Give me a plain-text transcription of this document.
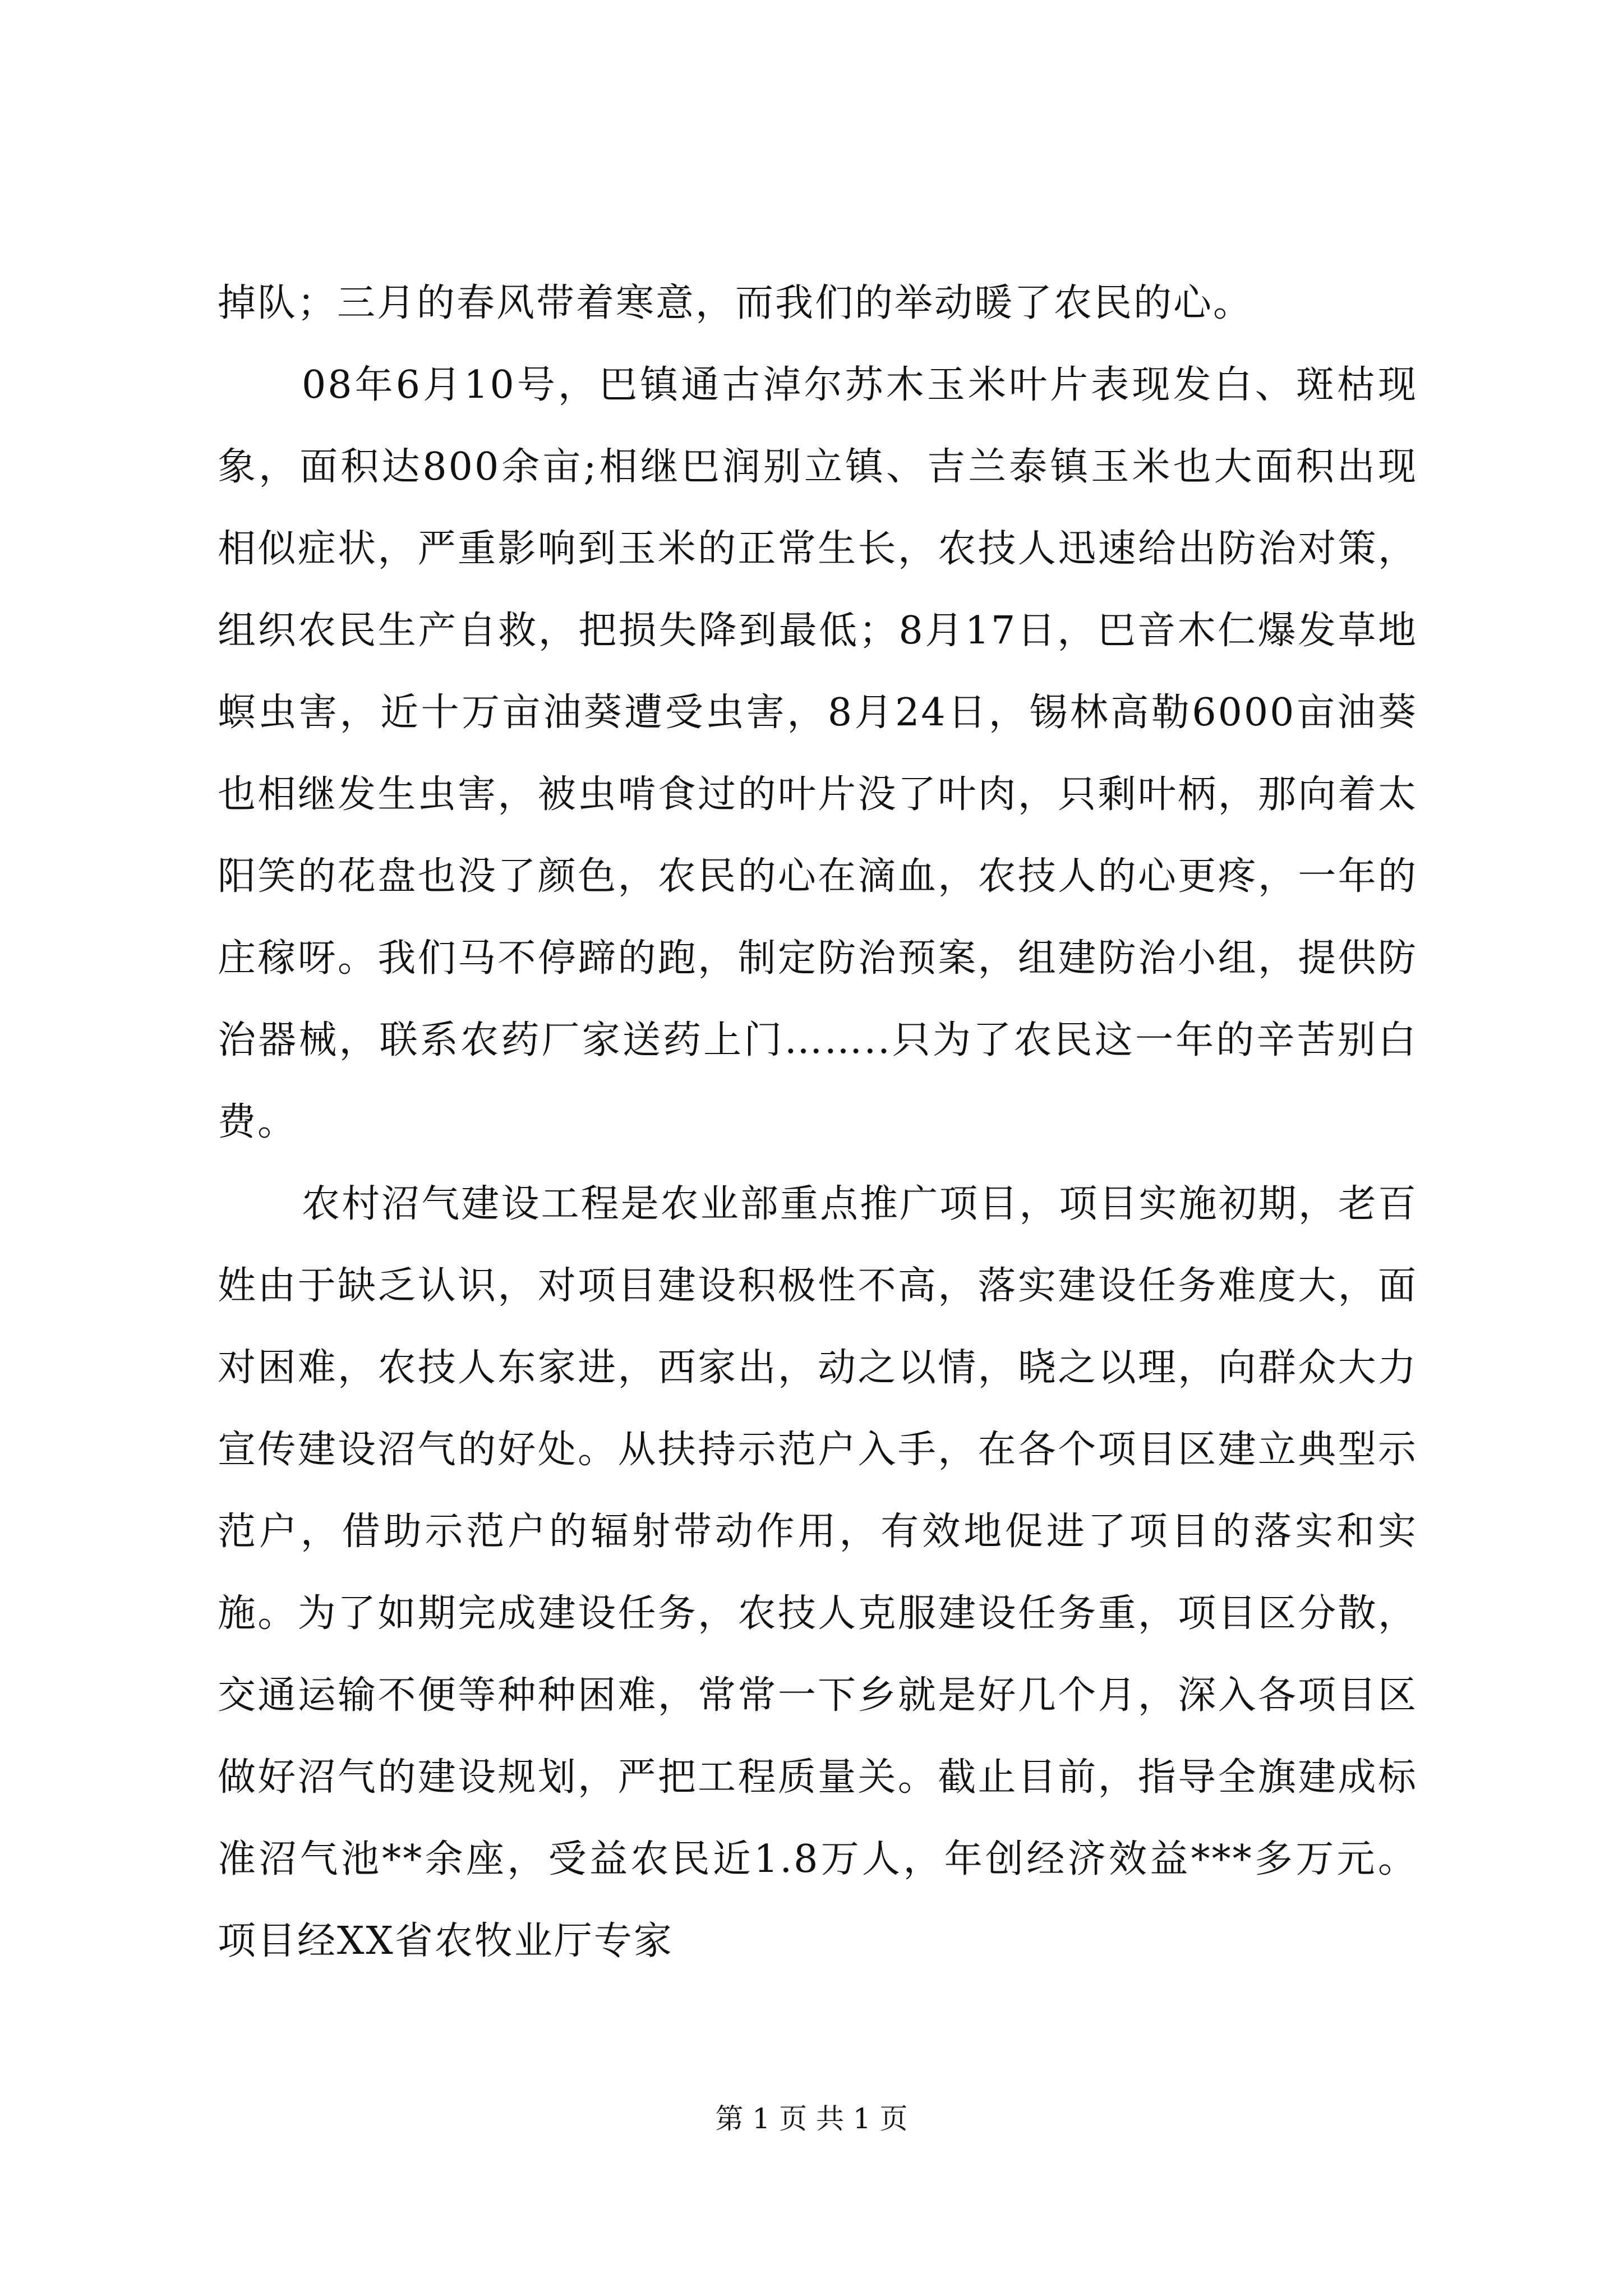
掉队；三月的春风带着寒意，而我们的举动暖了农民的心。

08年6月10号，巴镇通古淖尔苏木玉米叶片表现发白、斑枯现象，面积达800余亩;相继巴润别立镇、吉兰泰镇玉米也大面积出现相似症状，严重影响到玉米的正常生长，农技人迅速给出防治对策，组织农民生产自救，把损失降到最低；8月17日，巴音木仁爆发草地螟虫害，近十万亩油葵遭受虫害，8月24日，锡林高勒6000亩油葵也相继发生虫害，被虫啃食过的叶片没了叶肉，只剩叶柄，那向着太阳笑的花盘也没了颜色，农民的心在滴血，农技人的心更疼，一年的庄稼呀。我们马不停蹄的跑，制定防治预案，组建防治小组，提供防治器械，联系农药厂家送药上门……..只为了农民这一年的辛苦别白费。

农村沼气建设工程是农业部重点推广项目，项目实施初期，老百姓由于缺乏认识，对项目建设积极性不高，落实建设任务难度大，面对困难，农技人东家进，西家出，动之以情，晓之以理，向群众大力宣传建设沼气的好处。从扶持示范户入手，在各个项目区建立典型示范户，借助示范户的辐射带动作用，有效地促进了项目的落实和实施。为了如期完成建设任务，农技人克服建设任务重，项目区分散，交通运输不便等种种困难，常常一下乡就是好几个月，深入各项目区做好沼气的建设规划，严把工程质量关。截止目前，指导全旗建成标准沼气池**余座，受益农民近1.8万人，年创经济效益***多万元。项目经XX省农牧业厅专家

第 1 页 共 1 页
